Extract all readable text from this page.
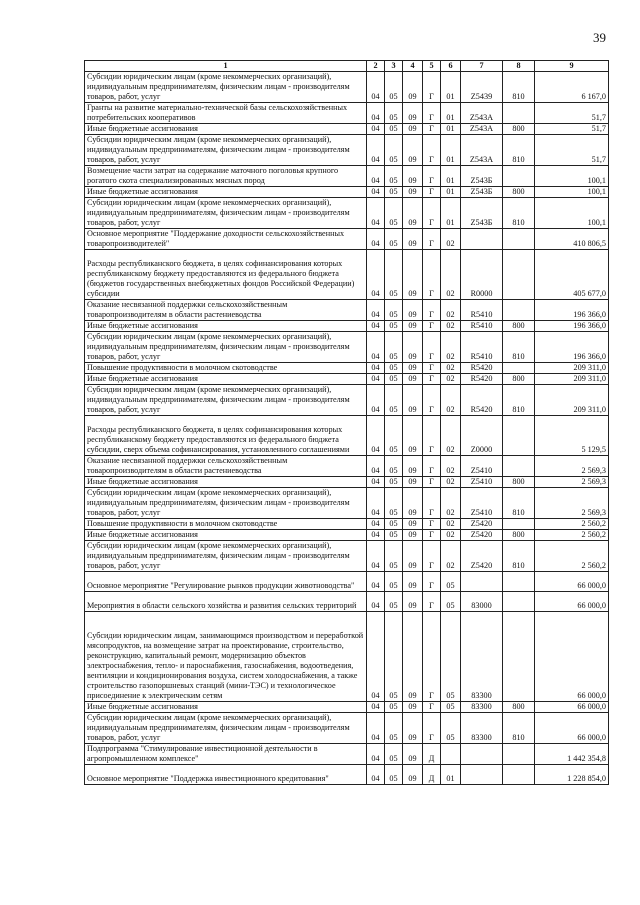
39
1	2	3	4	5	6	7	8	9
Субсидии юридическим лицам (кроме некоммерческих организаций), индивидуальным предпринимателям, физическим лицам - производителям товаров, работ, услуг	04	05	09	Г	01	Z5439	810	6 167,0
Гранты на развитие материально-технической базы сельскохозяйственных потребительских кооперативов	04	05	09	Г	01	Z543А		51,7
Иные бюджетные ассигнования	04	05	09	Г	01	Z543А	800	51,7
Субсидии юридическим лицам (кроме некоммерческих организаций), индивидуальным предпринимателям, физическим лицам - производителям товаров, работ, услуг	04	05	09	Г	01	Z543А	810	51,7
Возмещение части затрат на содержание маточного поголовья крупного рогатого скота специализированных мясных пород	04	05	09	Г	01	Z543Б		100,1
Иные бюджетные ассигнования	04	05	09	Г	01	Z543Б	800	100,1
Субсидии юридическим лицам (кроме некоммерческих организаций), индивидуальным предпринимателям, физическим лицам - производителям товаров, работ, услуг	04	05	09	Г	01	Z543Б	810	100,1
Основное мероприятие "Поддержание доходности сельскохозяйственных товаропроизводителей"	04	05	09	Г	02			410 806,5
Расходы республиканского бюджета, в целях софинансирования которых республиканскому бюджету предоставляются из федерального бюджета (бюджетов государственных внебюджетных фондов Российской Федерации) субсидии	04	05	09	Г	02	R0000		405 677,0
Оказание несвязанной поддержки сельскохозяйственным товаропроизводителям в области растениеводства	04	05	09	Г	02	R5410		196 366,0
Иные бюджетные ассигнования	04	05	09	Г	02	R5410	800	196 366,0
Субсидии юридическим лицам (кроме некоммерческих организаций), индивидуальным предпринимателям, физическим лицам - производителям товаров, работ, услуг	04	05	09	Г	02	R5410	810	196 366,0
Повышение продуктивности в молочном скотоводстве	04	05	09	Г	02	R5420		209 311,0
Иные бюджетные ассигнования	04	05	09	Г	02	R5420	800	209 311,0
Субсидии юридическим лицам (кроме некоммерческих организаций), индивидуальным предпринимателям, физическим лицам - производителям товаров, работ, услуг	04	05	09	Г	02	R5420	810	209 311,0
Расходы республиканского бюджета, в целях софинансирования которых республиканскому бюджету предоставляются из федерального бюджета субсидии, сверх объема софинансирования, установленного соглашениями	04	05	09	Г	02	Z0000		5 129,5
Оказание несвязанной поддержки сельскохозяйственным товаропроизводителям в области растениеводства	04	05	09	Г	02	Z5410		2 569,3
Иные бюджетные ассигнования	04	05	09	Г	02	Z5410	800	2 569,3
Субсидии юридическим лицам (кроме некоммерческих организаций), индивидуальным предпринимателям, физическим лицам - производителям товаров, работ, услуг	04	05	09	Г	02	Z5410	810	2 569,3
Повышение продуктивности в молочном скотоводстве	04	05	09	Г	02	Z5420		2 560,2
Иные бюджетные ассигнования	04	05	09	Г	02	Z5420	800	2 560,2
Субсидии юридическим лицам (кроме некоммерческих организаций), индивидуальным предпринимателям, физическим лицам - производителям товаров, работ, услуг	04	05	09	Г	02	Z5420	810	2 560,2
Основное мероприятие "Регулирование рынков продукции животноводства"	04	05	09	Г	05			66 000,0
Мероприятия в области сельского хозяйства и развития сельских территорий	04	05	09	Г	05	83000		66 000,0
Субсидии юридическим лицам, занимающимся производством и переработкой мясопродуктов, на возмещение затрат на проектирование, строительство, реконструкцию, капитальный ремонт, модернизацию объектов электроснабжения, тепло- и пароснабжения, газоснабжения, водоотведения, вентиляции и кондиционирования воздуха, систем холодоснабжения, а также строительство газопоршневых станций (мини-ТЭС) и технологическое присоединение к электрическим сетям	04	05	09	Г	05	83300		66 000,0
Иные бюджетные ассигнования	04	05	09	Г	05	83300	800	66 000,0
Субсидии юридическим лицам (кроме некоммерческих организаций), индивидуальным предпринимателям, физическим лицам - производителям товаров, работ, услуг	04	05	09	Г	05	83300	810	66 000,0
Подпрограмма "Стимулирование инвестиционной деятельности в агропромышленном комплексе"	04	05	09	Д				1 442 354,8
Основное мероприятие "Поддержка инвестиционного кредитования"	04	05	09	Д	01			1 228 854,0
